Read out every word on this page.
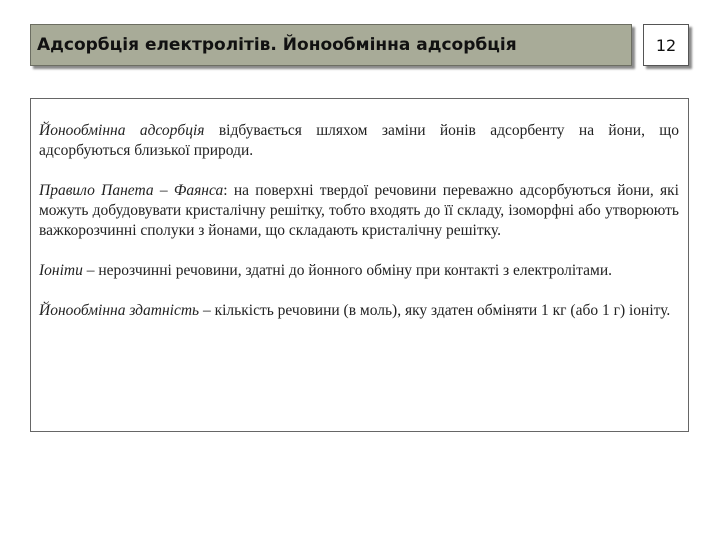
Адсорбція електролітів. Йонообмінна адсорбція	12

Йонообмінна адсорбція відбувається шляхом заміни йонів адсорбенту на йони, що адсорбуються близької природи.

Правило Панета – Фаянса: на поверхні твердої речовини переважно адсорбуються йони, які можуть добудовувати кристалічну решітку, тобто входять до її складу, ізоморфні або утворюють важкорозчинні сполуки з йонами, що складають кристалічну решітку.

Іоніти – нерозчинні речовини, здатні до йонного обміну при контакті з електролітами.

Йонообмінна здатність – кількість речовини (в моль), яку здатен обміняти 1 кг (або 1 г) іоніту.
